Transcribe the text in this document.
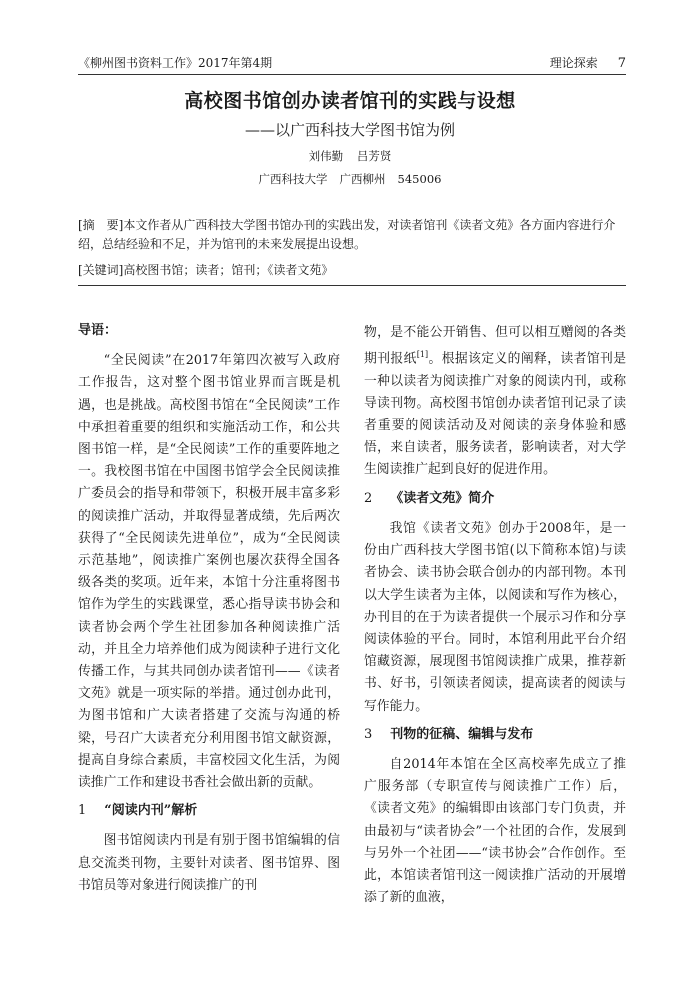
《柳州图书资料工作》2017年第4期	理论探索 7
高校图书馆创办读者馆刊的实践与设想
——以广西科技大学图书馆为例
刘伟勤 吕芳贤
广西科技大学 广西柳州 545006
[摘　要]本文作者从广西科技大学图书馆办刊的实践出发，对读者馆刊《读者文苑》各方面内容进行介绍，总结经验和不足，并为馆刊的未来发展提出设想。
[关键词]高校图书馆；读者；馆刊；《读者文苑》
导语：

“全民阅读”在2017年第四次被写入政府工作报告，这对整个图书馆业界而言既是机遇，也是挑战。高校图书馆在“全民阅读”工作中承担着重要的组织和实施活动工作，和公共图书馆一样，是“全民阅读”工作的重要阵地之一。我校图书馆在中国图书馆学会全民阅读推广委员会的指导和带领下，积极开展丰富多彩的阅读推广活动，并取得显著成绩，先后两次获得了“全民阅读先进单位”，成为“全民阅读示范基地”，阅读推广案例也屡次获得全国各级各类的奖项。近年来，本馆十分注重将图书馆作为学生的实践课堂，悉心指导读书协会和读者协会两个学生社团参加各种阅读推广活动，并且全力培养他们成为阅读种子进行文化传播工作，与其共同创办读者馆刊——《读者文苑》就是一项实际的举措。通过创办此刊，为图书馆和广大读者搭建了交流与沟通的桥梁，号召广大读者充分利用图书馆文献资源，提高自身综合素质，丰富校园文化生活，为阅读推广工作和建设书香社会做出新的贡献。

1 “阅读内刊”解析

图书馆阅读内刊是有别于图书馆编辑的信息交流类刊物，主要针对读者、图书馆界、图书馆员等对象进行阅读推广的刊

物，是不能公开销售、但可以相互赠阅的各类期刊报纸[1]。根据该定义的阐释，读者馆刊是一种以读者为阅读推广对象的阅读内刊，或称导读刊物。高校图书馆创办读者馆刊记录了读者重要的阅读活动及对阅读的亲身体验和感悟，来自读者，服务读者，影响读者，对大学生阅读推广起到良好的促进作用。

2 《读者文苑》简介

我馆《读者文苑》创办于2008年，是一份由广西科技大学图书馆(以下简称本馆)与读者协会、读书协会联合创办的内部刊物。本刊以大学生读者为主体，以阅读和写作为核心，办刊目的在于为读者提供一个展示习作和分享阅读体验的平台。同时，本馆利用此平台介绍馆藏资源，展现图书馆阅读推广成果，推荐新书、好书，引领读者阅读，提高读者的阅读与写作能力。

3 刊物的征稿、编辑与发布

自2014年本馆在全区高校率先成立了推广服务部（专职宣传与阅读推广工作）后，《读者文苑》的编辑即由该部门专门负责，并由最初与“读者协会”一个社团的合作，发展到与另外一个社团——“读书协会”合作创作。至此，本馆读者馆刊这一阅读推广活动的开展增添了新的血液，
